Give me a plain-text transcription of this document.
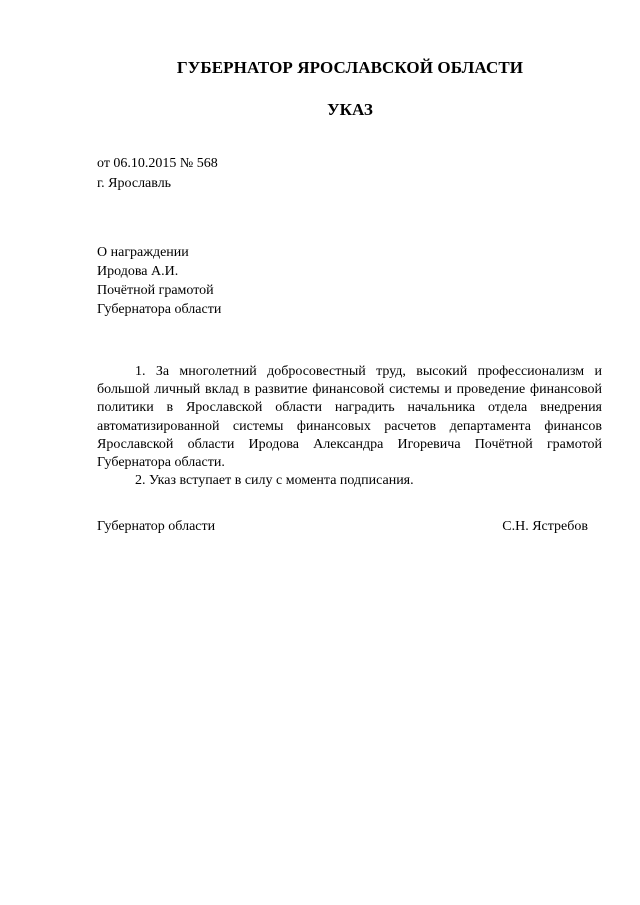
ГУБЕРНАТОР ЯРОСЛАВСКОЙ ОБЛАСТИ
УКАЗ
от 06.10.2015 № 568
г. Ярославль
О награждении
Иродова А.И.
Почётной грамотой
Губернатора области

1. За многолетний добросовестный труд, высокий профессионализм и большой личный вклад в развитие финансовой системы и проведение финансовой политики в Ярославской области наградить начальника отдела внедрения автоматизированной системы финансовых расчетов департамента финансов Ярославской области Иродова Александра Игоревича Почётной грамотой Губернатора области.

2. Указ вступает в силу с момента подписания.

Губернатор области	С.Н. Ястребов
